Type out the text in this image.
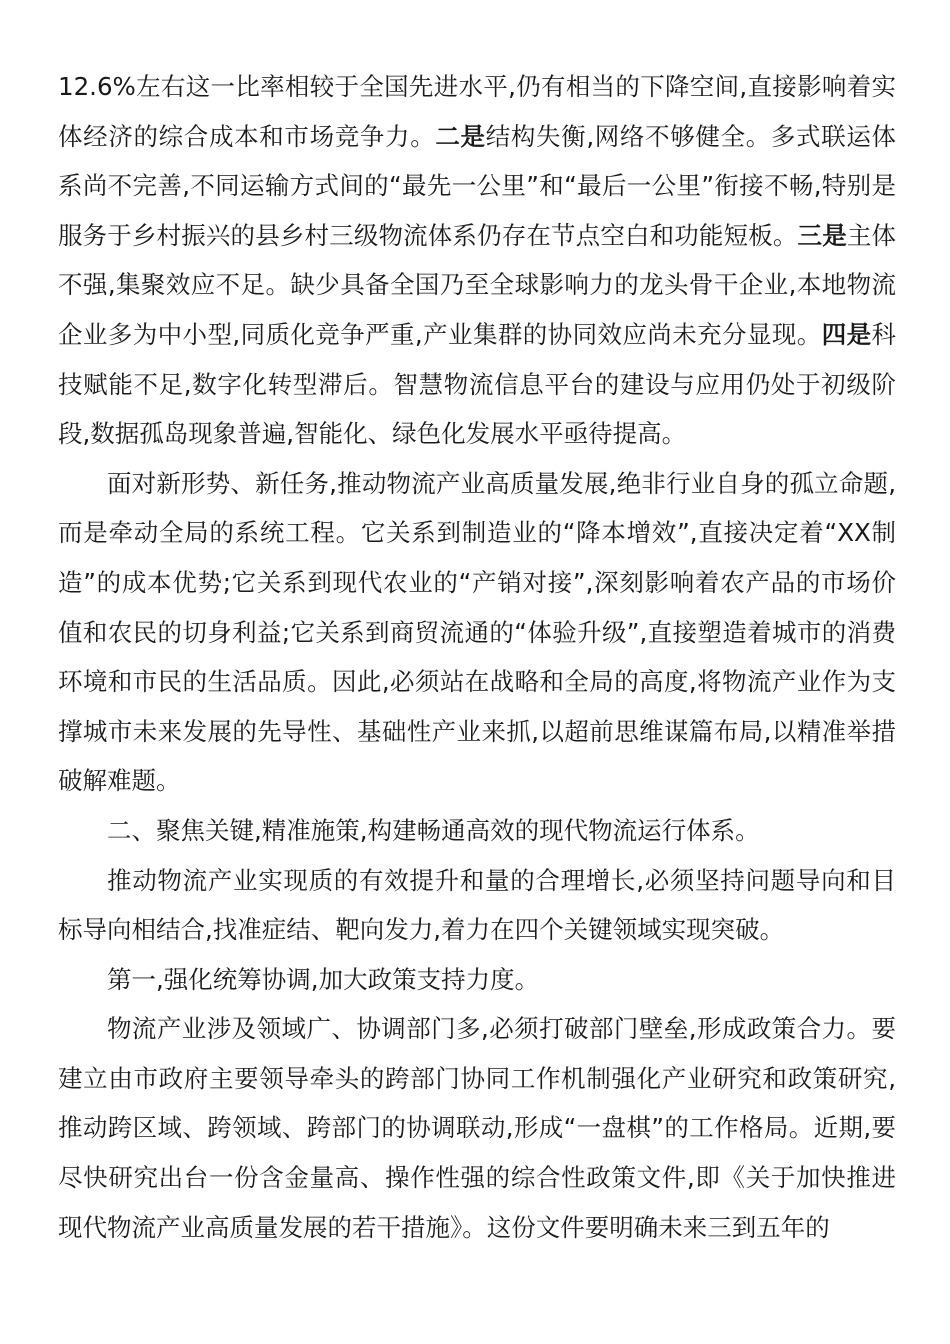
12.6%左右这一比率相较于全国先进水平,仍有相当的下降空间,直接影响着实体经济的综合成本和市场竞争力。二是结构失衡,网络不够健全。多式联运体系尚不完善,不同运输方式间的“最先一公里”和“最后一公里”衔接不畅,特别是服务于乡村振兴的县乡村三级物流体系仍存在节点空白和功能短板。三是主体不强,集聚效应不足。缺少具备全国乃至全球影响力的龙头骨干企业,本地物流企业多为中小型,同质化竞争严重,产业集群的协同效应尚未充分显现。四是科技赋能不足,数字化转型滞后。智慧物流信息平台的建设与应用仍处于初级阶段,数据孤岛现象普遍,智能化、绿色化发展水平亟待提高。

面对新形势、新任务,推动物流产业高质量发展,绝非行业自身的孤立命题,而是牵动全局的系统工程。它关系到制造业的“降本增效”,直接决定着“XX制造”的成本优势;它关系到现代农业的“产销对接”,深刻影响着农产品的市场价值和农民的切身利益;它关系到商贸流通的“体验升级”,直接塑造着城市的消费环境和市民的生活品质。因此,必须站在战略和全局的高度,将物流产业作为支撑城市未来发展的先导性、基础性产业来抓,以超前思维谋篇布局,以精准举措破解难题。

二、聚焦关键,精准施策,构建畅通高效的现代物流运行体系。

推动物流产业实现质的有效提升和量的合理增长,必须坚持问题导向和目标导向相结合,找准症结、靶向发力,着力在四个关键领域实现突破。

第一,强化统筹协调,加大政策支持力度。

物流产业涉及领域广、协调部门多,必须打破部门壁垒,形成政策合力。要建立由市政府主要领导牵头的跨部门协同工作机制强化产业研究和政策研究,推动跨区域、跨领域、跨部门的协调联动,形成“一盘棋”的工作格局。近期,要尽快研究出台一份含金量高、操作性强的综合性政策文件,即《关于加快推进现代物流产业高质量发展的若干措施》。这份文件要明确未来三到五年的
